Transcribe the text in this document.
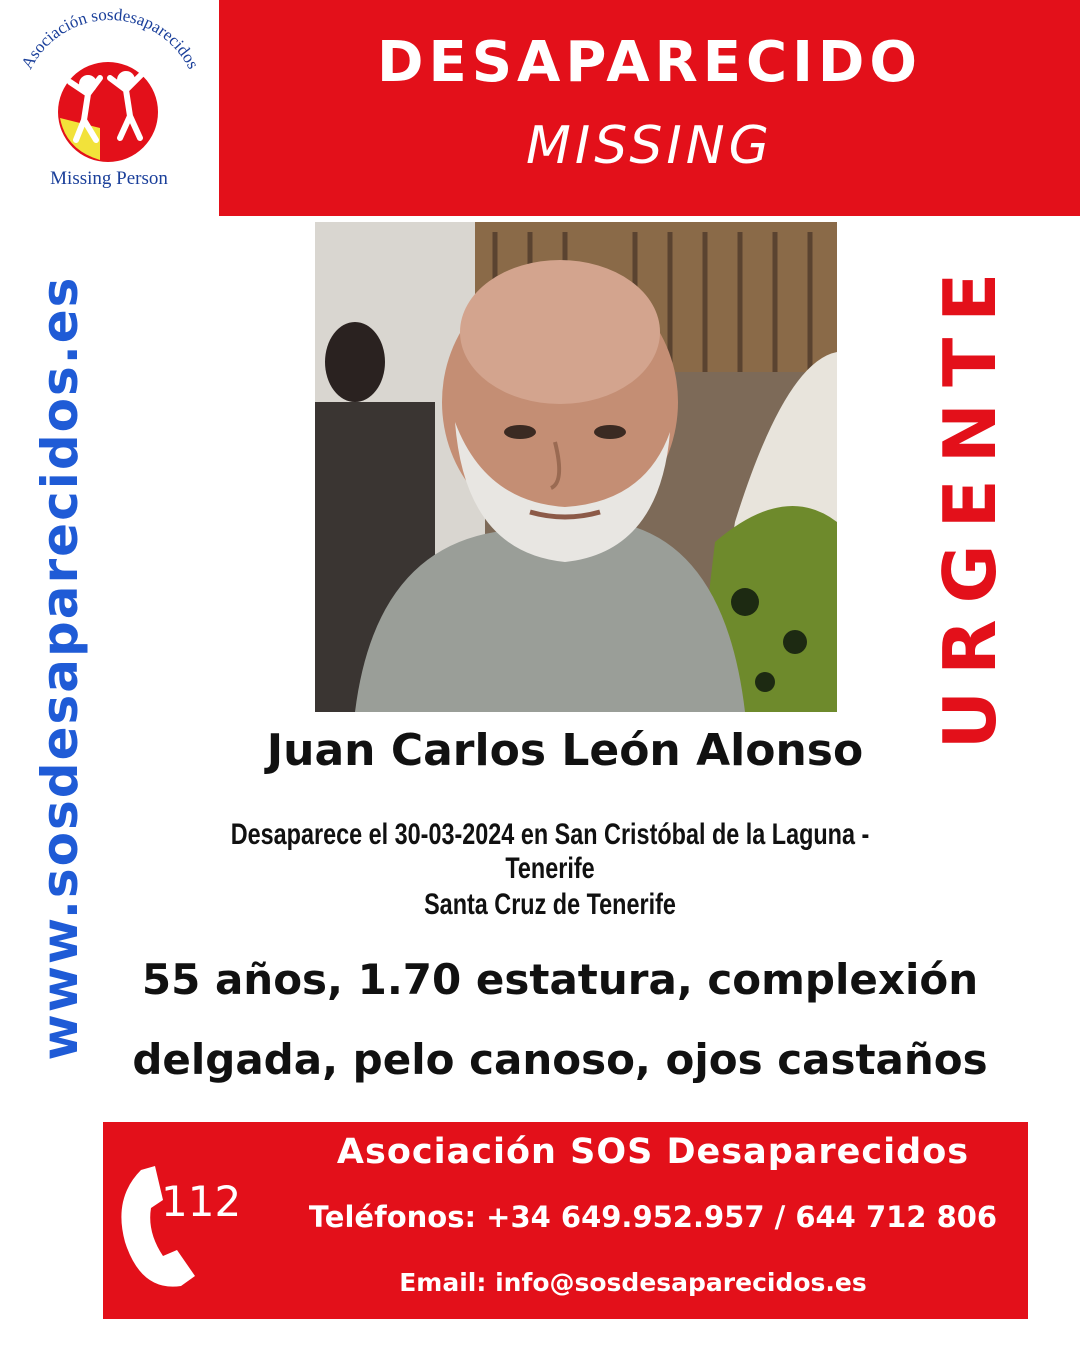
Asociación sosdesaparecidos
Missing Person
DESAPARECIDO
MISSING
www.sosdesaparecidos.es	URGENTE
Juan Carlos León Alonso
Desaparece el 30-03-2024 en San Cristóbal de la Laguna - Tenerife
Santa Cruz de Tenerife
55 años, 1.70 estatura, complexión
delgada, pelo canoso, ojos castaños
112
Asociación SOS Desaparecidos
Teléfonos: +34 649.952.957 / 644 712 806
Email: info@sosdesaparecidos.es
